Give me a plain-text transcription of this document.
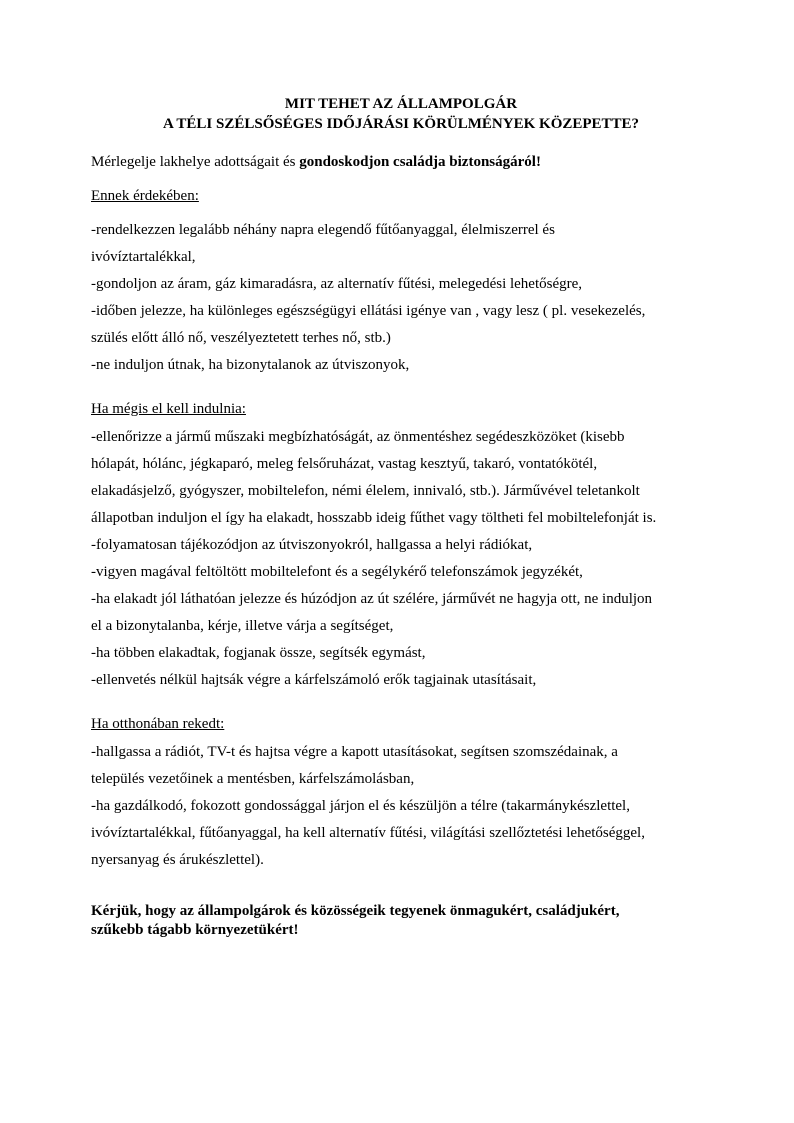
MIT TEHET AZ ÁLLAMPOLGÁR
A TÉLI SZÉLSŐSÉGES IDŐJÁRÁSI KÖRÜLMÉNYEK KÖZEPETTE?

Mérlegelje lakhelye adottságait és gondoskodjon családja biztonságáról!

Ennek érdekében:

-rendelkezzen legalább néhány napra elegendő fűtőanyaggal, élelmiszerrel és

ivóvíztartalékkal,

-gondoljon az áram, gáz kimaradásra, az alternatív fűtési, melegedési lehetőségre,

-időben jelezze, ha különleges egészségügyi ellátási igénye van , vagy lesz ( pl. vesekezelés,

szülés előtt álló nő, veszélyeztetett terhes nő, stb.)

-ne induljon útnak, ha bizonytalanok az útviszonyok,

Ha mégis el kell indulnia:

-ellenőrizze a jármű műszaki megbízhatóságát, az önmentéshez segédeszközöket (kisebb

hólapát, hólánc, jégkaparó, meleg felsőruházat, vastag kesztyű, takaró, vontatókötél,

elakadásjelző, gyógyszer, mobiltelefon, némi élelem, innivaló, stb.). Járművével teletankolt

állapotban induljon el így ha elakadt, hosszabb ideig fűthet vagy töltheti fel mobiltelefonját is.

-folyamatosan tájékozódjon az útviszonyokról, hallgassa a helyi rádiókat,

-vigyen magával feltöltött mobiltelefont és a segélykérő telefonszámok jegyzékét,

-ha elakadt jól láthatóan jelezze és húzódjon az út szélére, járművét ne hagyja ott, ne induljon

el a bizonytalanba, kérje, illetve várja a segítséget,

-ha többen elakadtak, fogjanak össze, segítsék egymást,

-ellenvetés nélkül hajtsák végre a kárfelszámoló erők tagjainak utasításait,

Ha otthonában rekedt:

-hallgassa a rádiót, TV-t és hajtsa végre a kapott utasításokat, segítsen szomszédainak, a

település vezetőinek a mentésben, kárfelszámolásban,

-ha gazdálkodó, fokozott gondossággal járjon el és készüljön a télre (takarmánykészlettel,

ivóvíztartalékkal, fűtőanyaggal, ha kell alternatív fűtési, világítási szellőztetési lehetőséggel,

nyersanyag és árukészlettel).

Kérjük, hogy az állampolgárok és közösségeik tegyenek önmagukért, családjukért,

szűkebb tágabb környezetükért!
